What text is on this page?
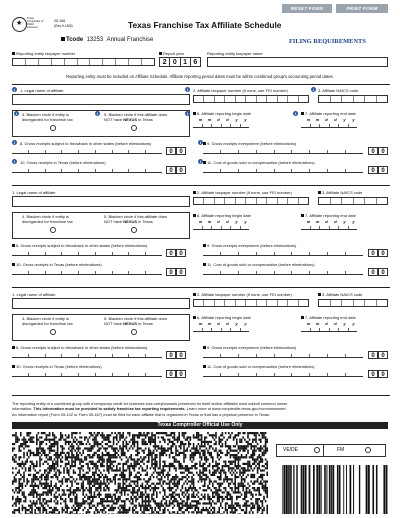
RESET FORM	PRINT FORM
★
Texas Comptroller of Public Accounts
05-166
(Rev.9-15/6)	Texas Franchise Tax Affiliate Schedule
Tcode 13253 Annual Franchise	FILING REQUIREMENTS
Reporting entity taxpayer number	Report year	Reporting entity taxpayer name
2 0 1 6
Reporting entity must be included on Affiliate Schedule. Affiliate reporting period dates must be within combined group's accounting period dates.
i	1. Legal name of affiliate	i	2. Affiliate taxpayer number (if none, use FEI number)	i 3. Affiliate NAICS code
i	i
4. Blacken circle if entity is
disregarded for franchise tax
5. Blacken circle if this affiliate does
NOT have NEXUS in Texas
i	i
6. Affiliate reporting begin date	7. Affiliate reporting end date
m	m	d	d	y	y	m	m	d	d	y	y
i	8. Gross receipts subject to throwback in other states (before eliminations)	i	9. Gross receipts everywhere (before eliminations)
0	0	0	0
i	10. Gross receipts in Texas (before eliminations)	i	11. Cost of goods sold or compensation (before eliminations)
0	0	0	0
1. Legal name of affiliate	2. Affiliate taxpayer number (if none, use FEI number)	3. Affiliate NAICS code
4. Blacken circle if entity is
disregarded for franchise tax
5. Blacken circle if this affiliate does
NOT have NEXUS in Texas
6. Affiliate reporting begin date	7. Affiliate reporting end date
m	m	d	d	y	y	m	m	d	d	y	y
8. Gross receipts subject to throwback in other states (before eliminations)	9. Gross receipts everywhere (before eliminations)
0	0	0	0
10. Gross receipts in Texas (before eliminations)	11. Cost of goods sold or compensation (before eliminations)
0	0	0	0
1. Legal name of affiliate	2. Affiliate taxpayer number (if none, use FEI number)	3. Affiliate NAICS code
4. Blacken circle if entity is
disregarded for franchise tax
5. Blacken circle if this affiliate does
NOT have NEXUS in Texas
6. Affiliate reporting begin date	7. Affiliate reporting end date
m	m	d	d	y	y	m	m	d	d	y	y
8. Gross receipts subject to throwback in other states (before eliminations)	9. Gross receipts everywhere (before eliminations)
0	0	0	0
10. Gross receipts in Texas (before eliminations)	11. Cost of goods sold or compensation (before eliminations)
0	0	0	0
The reporting entity of a combined group with a temporary credit for business loss carryforwards preserved for itself and/or affiliates must submit common owner
information. This information must be provided to satisfy franchise tax reporting requirements. Learn more at www.comptroller.texas.gov/commonowner/.
An information report (Form 05-102 or Form 05-167) must be filed for each affiliate that is organized in Texas or that has a physical presence in Texas.
Texas Comptroller Official Use Only
VE/DE	FM
